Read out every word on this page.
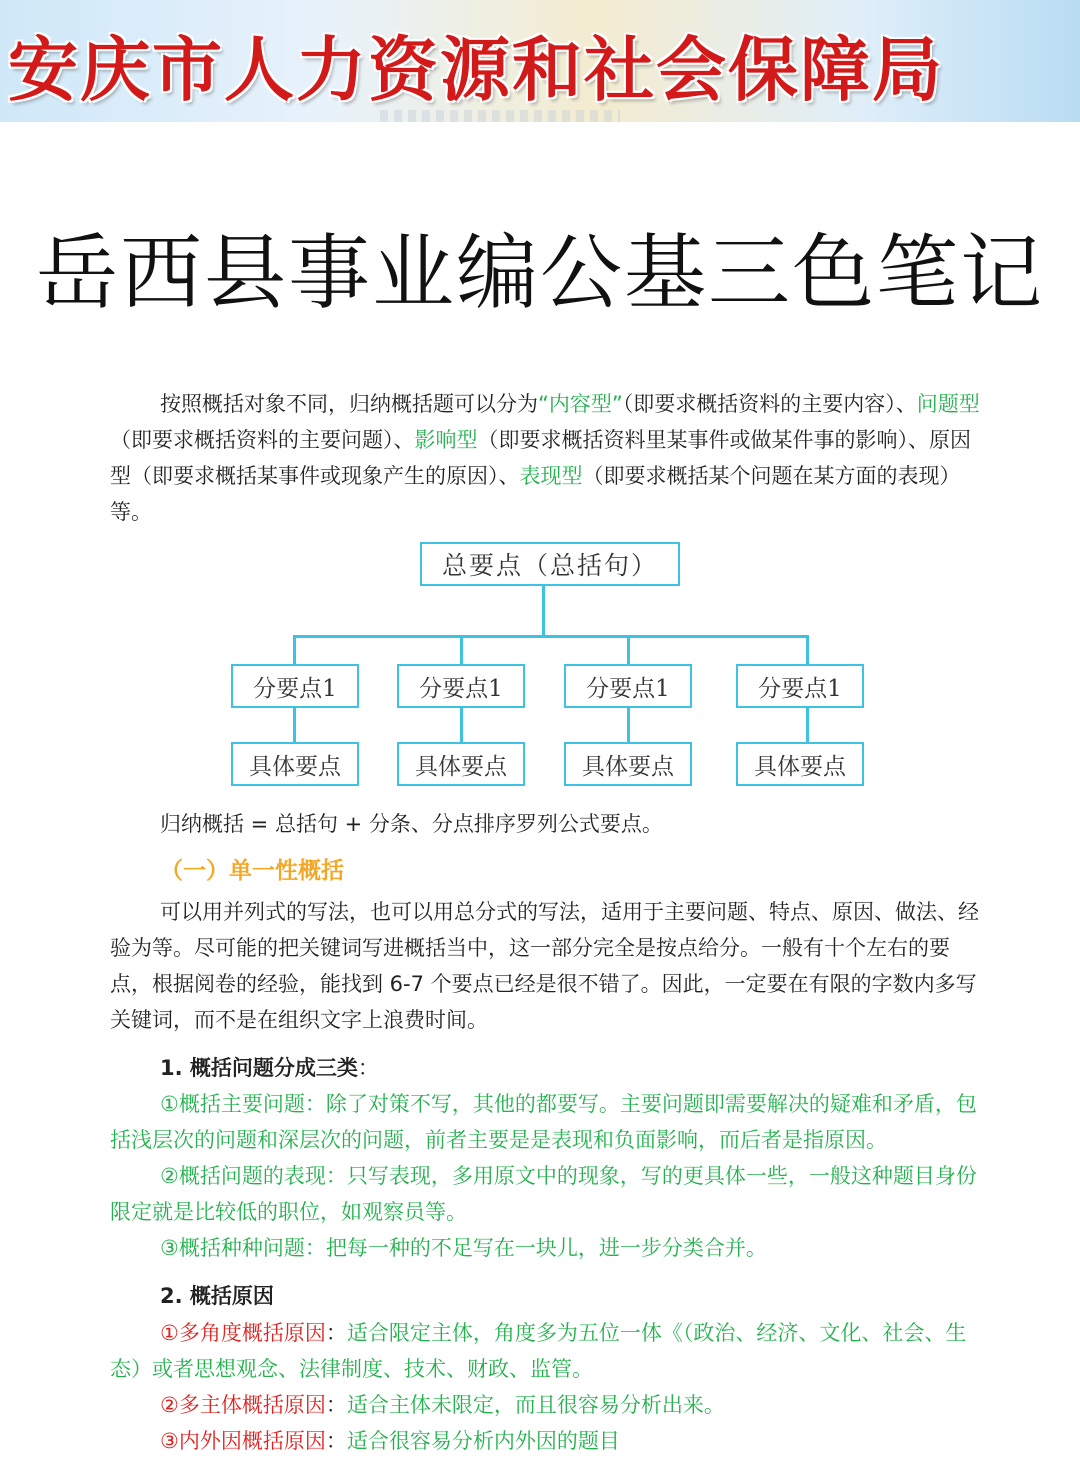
安庆市人力资源和社会保障局
岳西县事业编公基三色笔记
按照概括对象不同，归纳概括题可以分为“内容型”（即要求概括资料的主要内容）、问题型（即要求概括资料的主要问题）、影响型（即要求概括资料里某事件或做某件事的影响）、原因型（即要求概括某事件或现象产生的原因）、表现型（即要求概括某个问题在某方面的表现）等。
总要点（总括句）
分要点1	分要点1	分要点1	分要点1
具体要点	具体要点	具体要点	具体要点
归纳概括 = 总括句 + 分条、分点排序罗列公式要点。
（一）单一性概括
可以用并列式的写法，也可以用总分式的写法，适用于主要问题、特点、原因、做法、经验为等。尽可能的把关键词写进概括当中，这一部分完全是按点给分。一般有十个左右的要点，根据阅卷的经验，能找到 6-7 个要点已经是很不错了。因此，一定要在有限的字数内多写关键词，而不是在组织文字上浪费时间。
1. 概括问题分成三类：
①概括主要问题：除了对策不写，其他的都要写。主要问题即需要解决的疑难和矛盾，包括浅层次的问题和深层次的问题，前者主要是是表现和负面影响，而后者是指原因。
②概括问题的表现：只写表现，多用原文中的现象，写的更具体一些，一般这种题目身份限定就是比较低的职位，如观察员等。
③概括种种问题：把每一种的不足写在一块儿，进一步分类合并。
2. 概括原因
①多角度概括原因：适合限定主体，角度多为五位一体《（政治、经济、文化、社会、生态）或者思想观念、法律制度、技术、财政、监管。
②多主体概括原因：适合主体未限定，而且很容易分析出来。
③内外因概括原因：适合很容易分析内外因的题目
